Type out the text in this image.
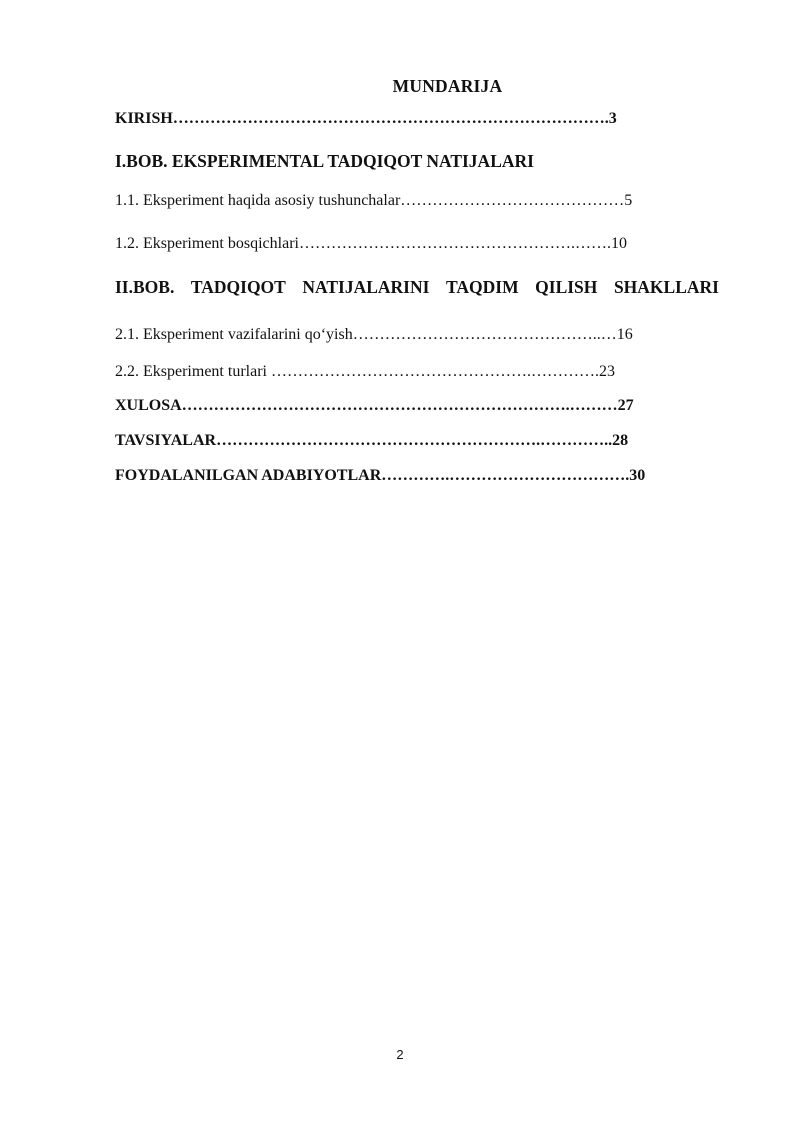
MUNDARIJA
KIRISH……………………………………………………………………….3
I.BOB. EKSPERIMENTAL TADQIQOT NATIJALARI
1.1. Eksperiment haqida asosiy tushunchalar……………………………………5
1.2. Eksperiment bosqichlari…………………………………………….…….10
II.BOB. TADQIQOT NATIJALARINI TAQDIM QILISH SHAKLLARI
2.1. Eksperiment vazifalarini qo‘yish………………………………………..…16
2.2. Eksperiment turlari ………………………………………….………….23
XULOSA……………………………………………………………….………27
TAVSIYALAR…………………………………………………….…………..28
FOYDALANILGAN ADABIYOTLAR………….…………………………….30
2
